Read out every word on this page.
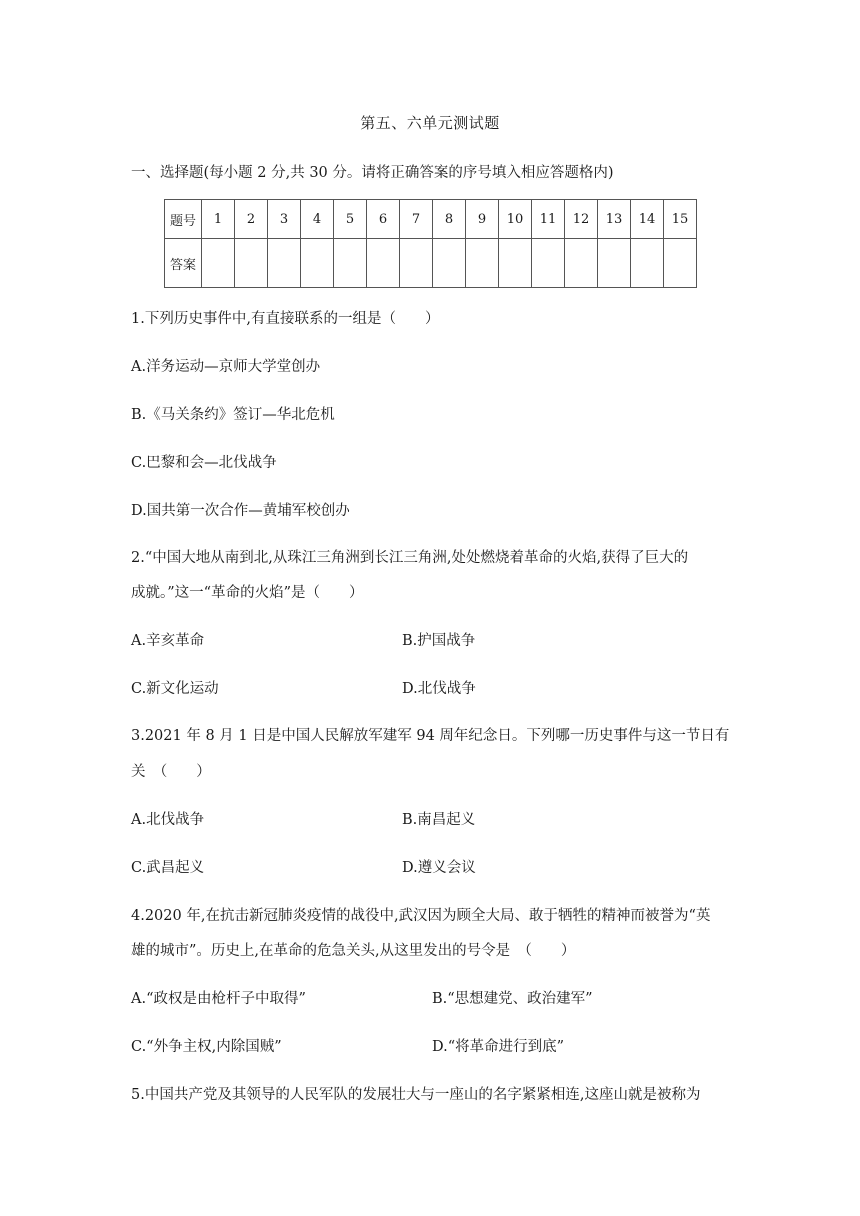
第五、六单元测试题
一、选择题(每小题 2 分,共 30 分。请将正确答案的序号填入相应答题格内)
题号	1	2	3	4	5	6	7	8	9	10	11	12	13	14	15
答案															
1.下列历史事件中,有直接联系的一组是（　　）
A.洋务运动—京师大学堂创办
B.《马关条约》签订—华北危机
C.巴黎和会—北伐战争
D.国共第一次合作—黄埔军校创办
2.“中国大地从南到北,从珠江三角洲到长江三角洲,处处燃烧着革命的火焰,获得了巨大的
成就。”这一“革命的火焰”是（　　）
A.辛亥革命	B.护国战争
C.新文化运动	D.北伐战争
3.2021 年 8 月 1 日是中国人民解放军建军 94 周年纪念日。下列哪一历史事件与这一节日有
关　（　　）
A.北伐战争	B.南昌起义
C.武昌起义	D.遵义会议
4.2020 年,在抗击新冠肺炎疫情的战役中,武汉因为顾全大局、敢于牺牲的精神而被誉为“英
雄的城市”。历史上,在革命的危急关头,从这里发出的号令是　（　　）
A.“政权是由枪杆子中取得”	B.“思想建党、政治建军”
C.“外争主权,内除国贼”	D.“将革命进行到底”
5.中国共产党及其领导的人民军队的发展壮大与一座山的名字紧紧相连,这座山就是被称为
